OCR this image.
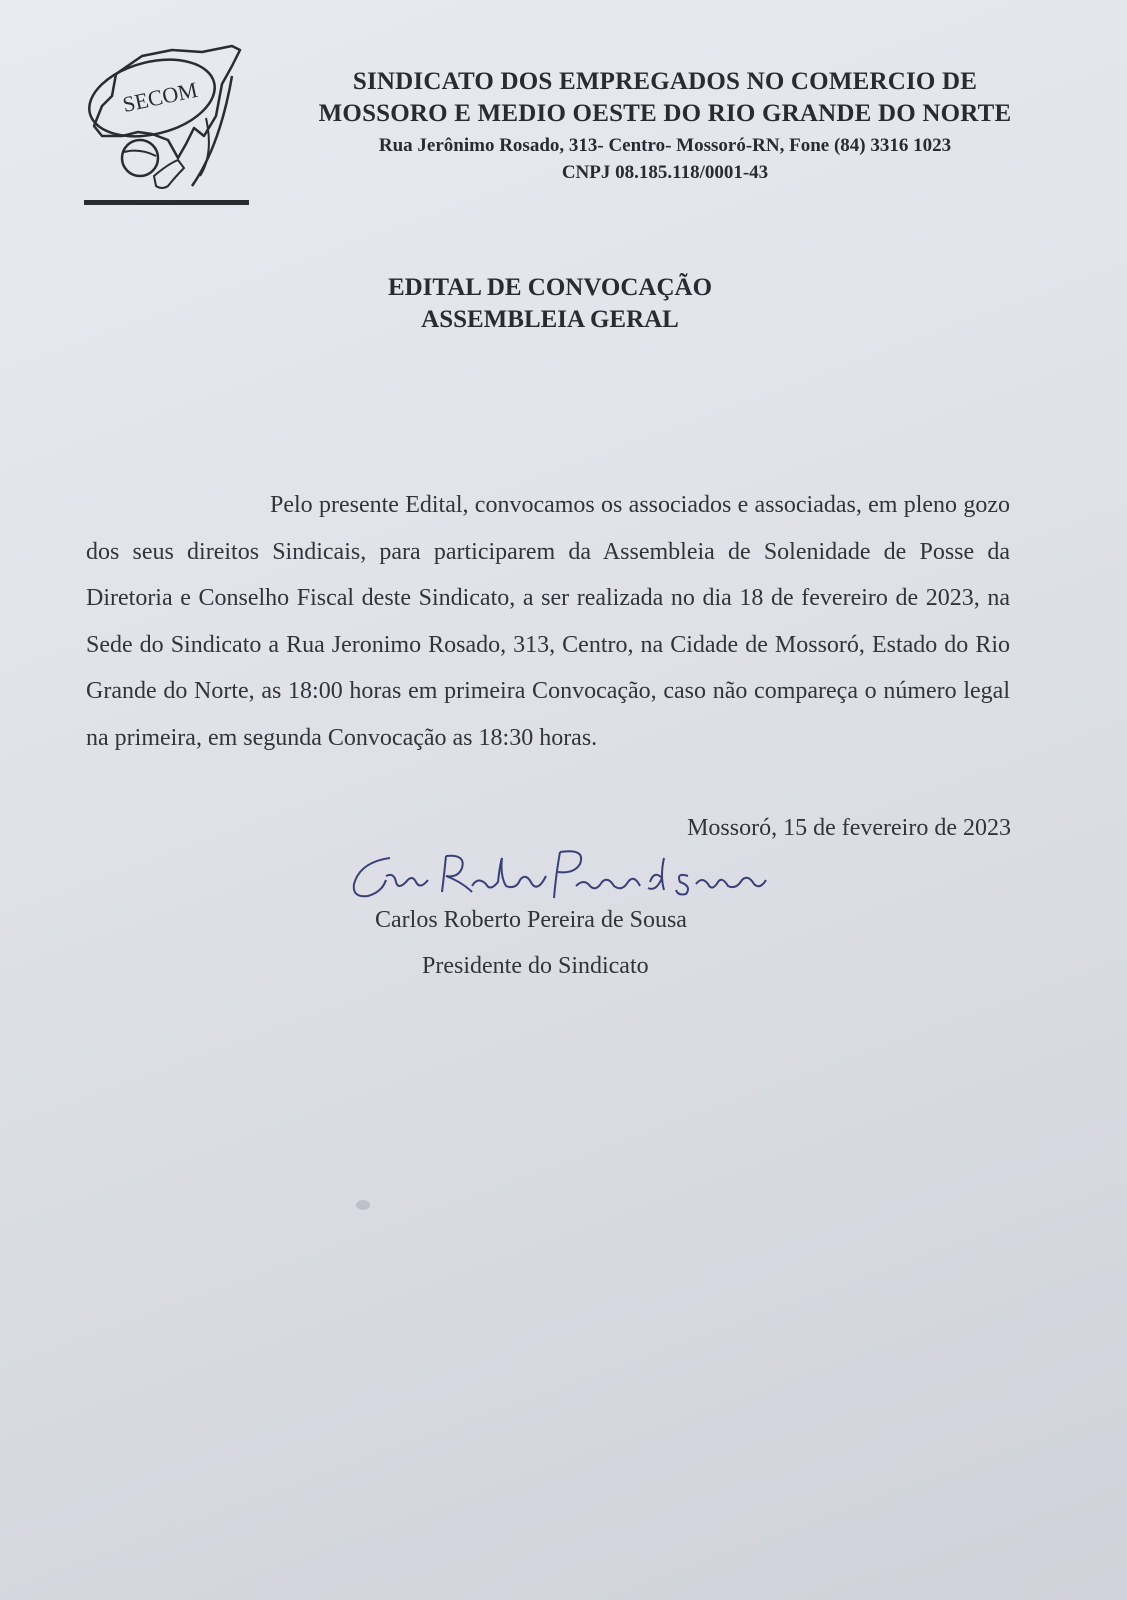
SECOM	SINDICATO DOS EMPREGADOS NO COMERCIO DE
MOSSORO E MEDIO OESTE DO RIO GRANDE DO NORTE
Rua Jerônimo Rosado, 313- Centro- Mossoró-RN, Fone (84) 3316 1023
CNPJ 08.185.118/0001-43
EDITAL DE CONVOCAÇÃO
ASSEMBLEIA GERAL
Pelo presente Edital, convocamos os associados e associadas, em pleno gozo dos seus direitos Sindicais, para participarem da Assembleia de Solenidade de Posse da Diretoria e Conselho Fiscal deste Sindicato, a ser realizada no dia 18 de fevereiro de 2023, na Sede do Sindicato a Rua Jeronimo Rosado, 313, Centro, na Cidade de Mossoró, Estado do Rio Grande do Norte, as 18:00 horas em primeira Convocação, caso não compareça o número legal na primeira, em segunda Convocação as 18:30 horas.
Mossoró, 15 de fevereiro de 2023
Carlos Roberto Pereira de Sousa
Presidente do Sindicato
